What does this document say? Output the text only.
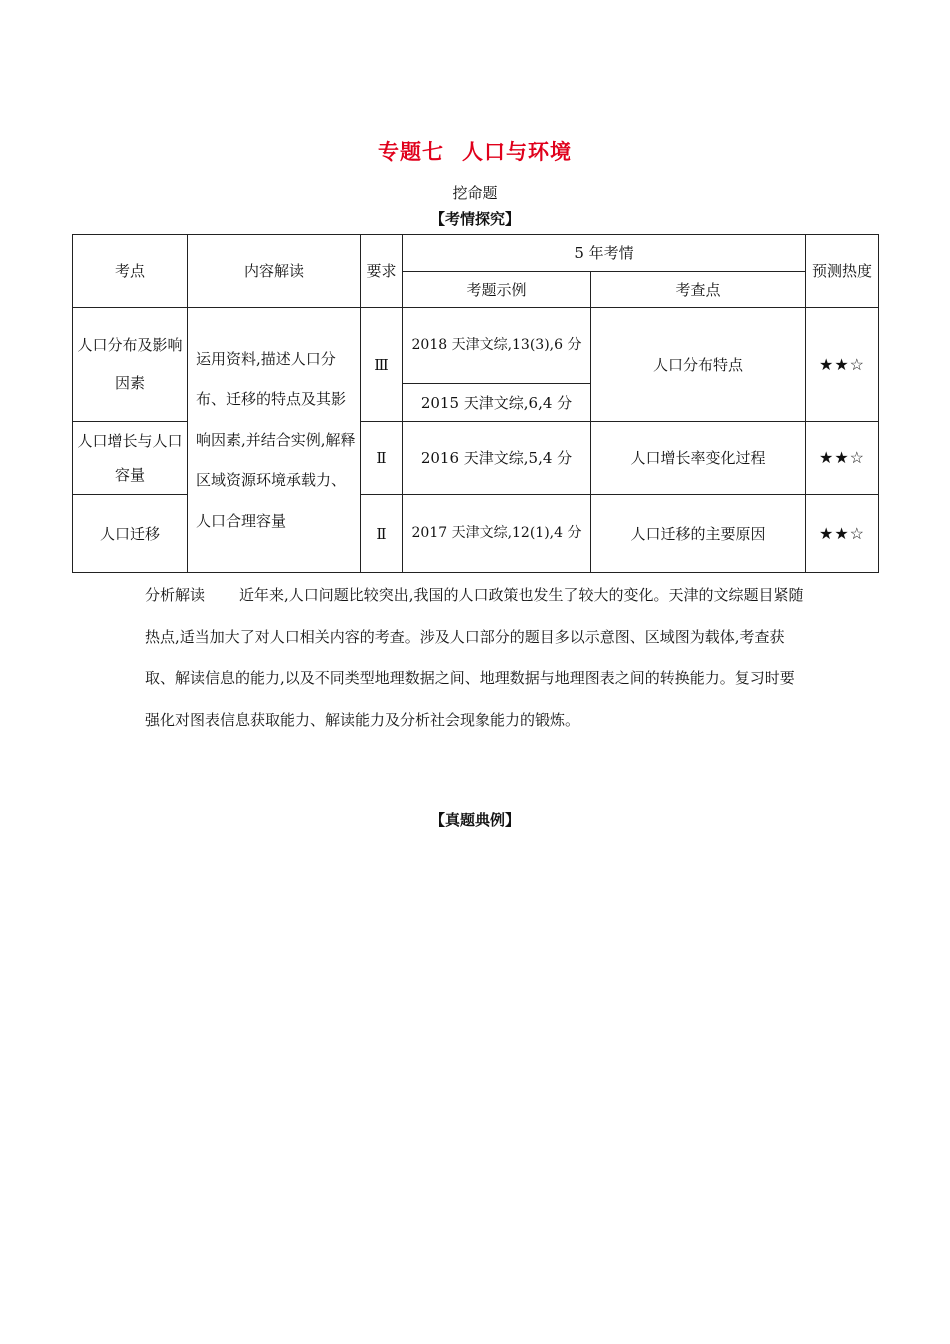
专题七 人口与环境
挖命题
【考情探究】
考点	内容解读	要求	5 年考情		预测热度
			考题示例	考查点	
人口分布及影响因素	运用资料,描述人口分布、迁移的特点及其影响因素,并结合实例,解释区域资源环境承载力、人口合理容量	Ⅲ	2018 天津文综,13(3),6 分	人口分布特点	★★☆
			2015 天津文综,6,4 分		
人口增长与人口容量		Ⅱ	2016 天津文综,5,4 分	人口增长率变化过程	★★☆
人口迁移		Ⅱ	2017 天津文综,12(1),4 分	人口迁移的主要原因	★★☆
分析解读 近年来,人口问题比较突出,我国的人口政策也发生了较大的变化。天津的文综题目紧随热点,适当加大了对人口相关内容的考查。涉及人口部分的题目多以示意图、区域图为载体,考查获取、解读信息的能力,以及不同类型地理数据之间、地理数据与地理图表之间的转换能力。复习时要强化对图表信息获取能力、解读能力及分析社会现象能力的锻炼。
【真题典例】
